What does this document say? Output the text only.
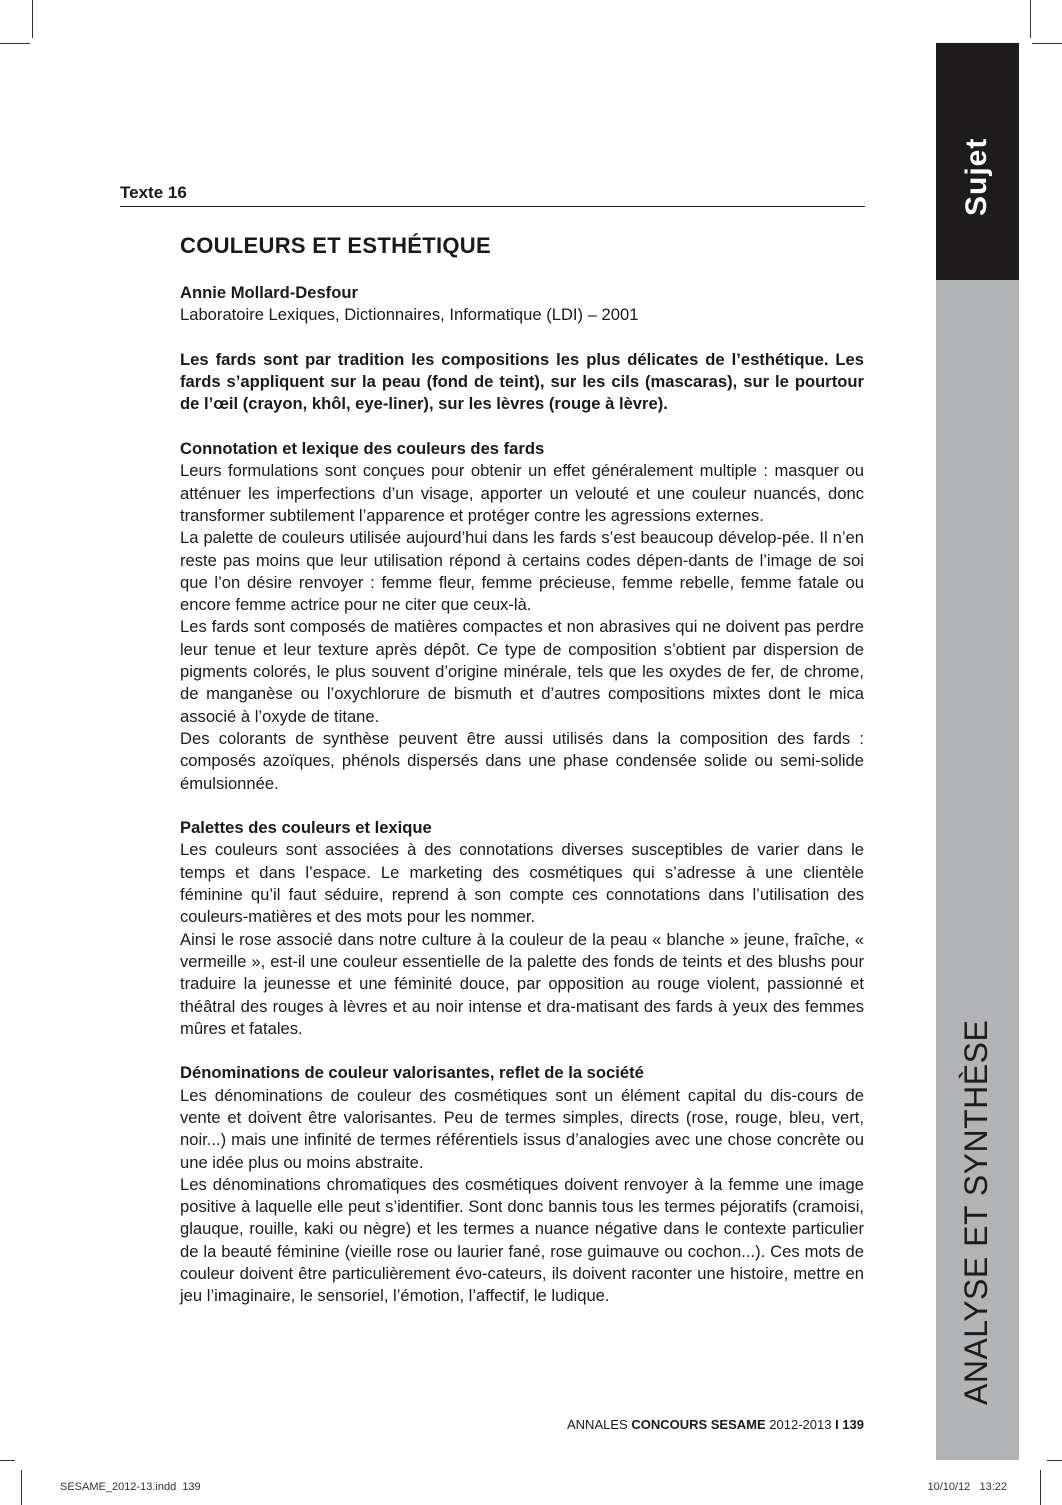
Sujet
ANALYSE ET SYNTHÈSE
Texte 16
COULEURS ET ESTHÉTIQUE

Annie Mollard-Desfour

Laboratoire Lexiques, Dictionnaires, Informatique (LDI) – 2001

Les fards sont par tradition les compositions les plus délicates de l’esthétique. Les fards s’appliquent sur la peau (fond de teint), sur les cils (mascaras), sur le pourtour de l’œil (crayon, khôl, eye-liner), sur les lèvres (rouge à lèvre).

Connotation et lexique des couleurs des fards

Leurs formulations sont conçues pour obtenir un effet généralement multiple : masquer ou atténuer les imperfections d’un visage, apporter un velouté et une couleur nuancés, donc transformer subtilement l’apparence et protéger contre les agressions externes.

La palette de couleurs utilisée aujourd’hui dans les fards s’est beaucoup dévelop-pée. Il n’en reste pas moins que leur utilisation répond à certains codes dépen-dants de l’image de soi que l’on désire renvoyer : femme fleur, femme précieuse, femme rebelle, femme fatale ou encore femme actrice pour ne citer que ceux-là.

Les fards sont composés de matières compactes et non abrasives qui ne doivent pas perdre leur tenue et leur texture après dépôt. Ce type de composition s’obtient par dispersion de pigments colorés, le plus souvent d’origine minérale, tels que les oxydes de fer, de chrome, de manganèse ou l’oxychlorure de bismuth et d’autres compositions mixtes dont le mica associé à l’oxyde de titane.

Des colorants de synthèse peuvent être aussi utilisés dans la composition des fards : composés azoïques, phénols dispersés dans une phase condensée solide ou semi-solide émulsionnée.

Palettes des couleurs et lexique

Les couleurs sont associées à des connotations diverses susceptibles de varier dans le temps et dans l’espace. Le marketing des cosmétiques qui s’adresse à une clientèle féminine qu’il faut séduire, reprend à son compte ces connotations dans l’utilisation des couleurs-matières et des mots pour les nommer.

Ainsi le rose associé dans notre culture à la couleur de la peau « blanche » jeune, fraîche, « vermeille », est-il une couleur essentielle de la palette des fonds de teints et des blushs pour traduire la jeunesse et une féminité douce, par opposition au rouge violent, passionné et théâtral des rouges à lèvres et au noir intense et dra-matisant des fards à yeux des femmes mûres et fatales.

Dénominations de couleur valorisantes, reflet de la société

Les dénominations de couleur des cosmétiques sont un élément capital du dis-cours de vente et doivent être valorisantes. Peu de termes simples, directs (rose, rouge, bleu, vert, noir...) mais une infinité de termes référentiels issus d’analogies avec une chose concrète ou une idée plus ou moins abstraite.

Les dénominations chromatiques des cosmétiques doivent renvoyer à la femme une image positive à laquelle elle peut s’identifier. Sont donc bannis tous les termes péjoratifs (cramoisi, glauque, rouille, kaki ou nègre) et les termes a nuance négative dans le contexte particulier de la beauté féminine (vieille rose ou laurier fané, rose guimauve ou cochon...). Ces mots de couleur doivent être particulièrement évo-cateurs, ils doivent raconter une histoire, mettre en jeu l’imaginaire, le sensoriel, l’émotion, l’affectif, le ludique.

ANNALES CONCOURS SESAME 2012-2013 I 139
SESAME_2012-13.indd  139	10/10/12   13:22
